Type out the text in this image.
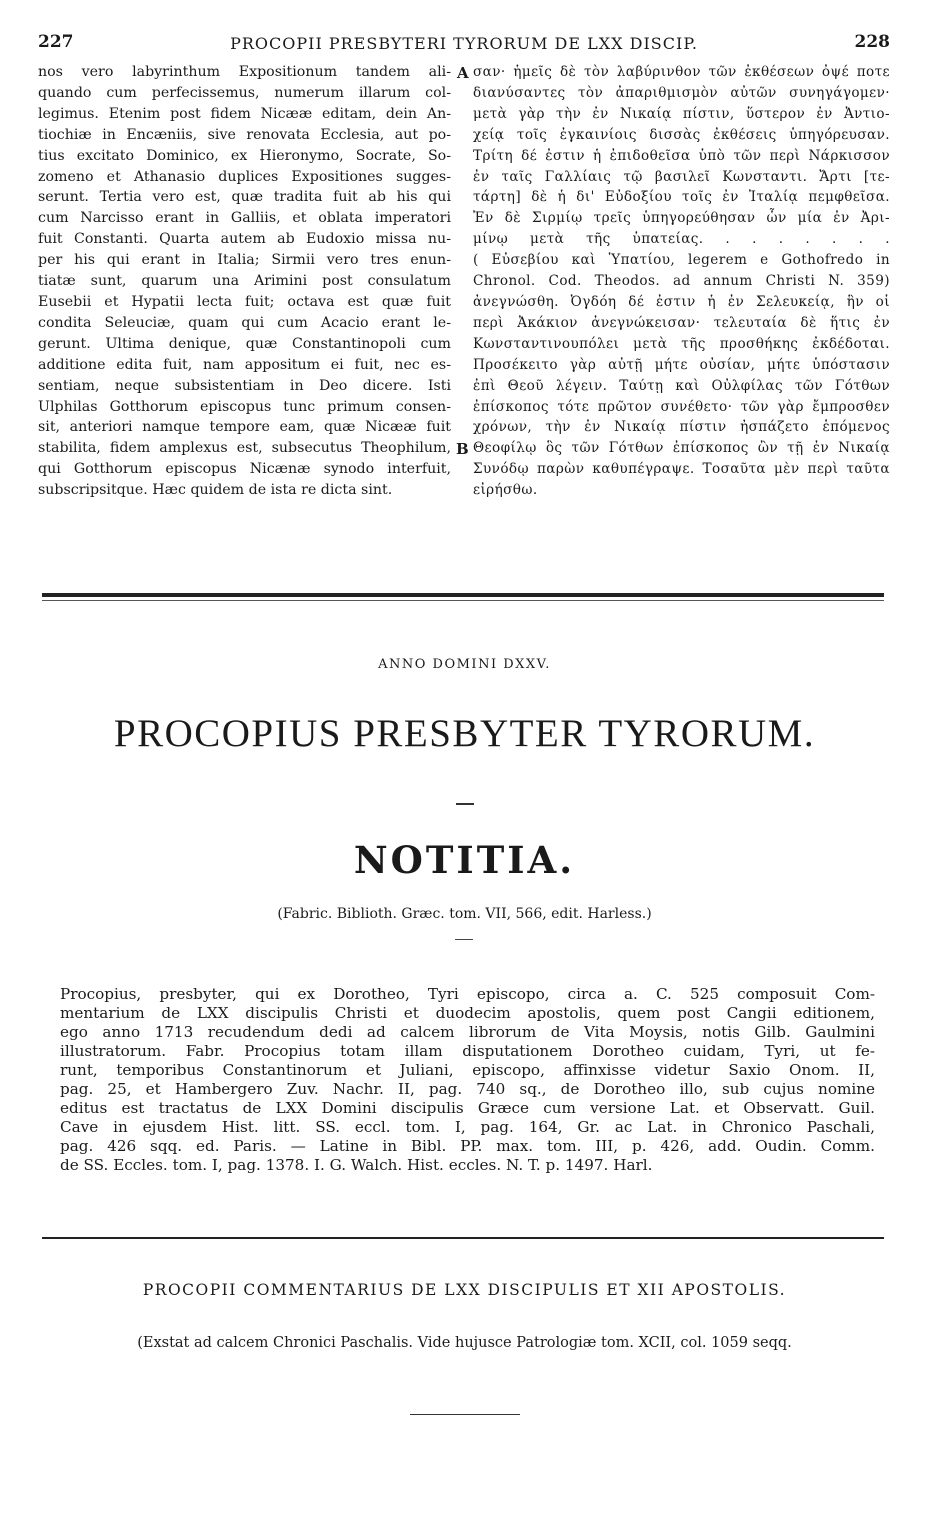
227	PROCOPII PRESBYTERI TYRORUM DE LXX DISCIP.	228
A
B
nos vero labyrinthum Expositionum tandem ali-
quando cum perfecissemus, numerum illarum col-
legimus. Etenim post fidem Nicææ editam, dein An-
tiochiæ in Encæniis, sive renovata Ecclesia, aut po-
tius excitato Dominico, ex Hieronymo, Socrate, So-
zomeno et Athanasio duplices Expositiones sugges-
serunt. Tertia vero est, quæ tradita fuit ab his qui
cum Narcisso erant in Galliis, et oblata imperatori
fuit Constanti. Quarta autem ab Eudoxio missa nu-
per his qui erant in Italia; Sirmii vero tres enun-
tiatæ sunt, quarum una Arimini post consulatum
Eusebii et Hypatii lecta fuit; octava est quæ fuit
condita Seleuciæ, quam qui cum Acacio erant le-
gerunt. Ultima denique, quæ Constantinopoli cum
additione edita fuit, nam appositum ei fuit, nec es-
sentiam, neque subsistentiam in Deo dicere. Isti
Ulphilas Gotthorum episcopus tunc primum consen-
sit, anteriori namque tempore eam, quæ Nicææ fuit
stabilita, fidem amplexus est, subsecutus Theophilum,
qui Gotthorum episcopus Nicænæ synodo interfuit,
subscripsitque. Hæc quidem de ista re dicta sint.
σαν· ἡμεῖς δὲ τὸν λαβύρινθον τῶν ἐκθέσεων ὀψέ ποτε
διανύσαντες τὸν ἀπαριθμισμὸν αὐτῶν συνηγάγομεν·
μετὰ γὰρ τὴν ἐν Νικαίᾳ πίστιν, ὕστερον ἐν Ἀντιο-
χείᾳ τοῖς ἐγκαινίοις δισσὰς ἐκθέσεις ὑπηγόρευσαν.
Τρίτη δέ ἐστιν ἡ ἐπιδοθεῖσα ὑπὸ τῶν περὶ Νάρκισσον
ἐν ταῖς Γαλλίαις τῷ βασιλεῖ Κωνσταντι. Ἄρτι [τε-
τάρτη] δὲ ἡ δι' Εὐδοξίου τοῖς ἐν Ἰταλίᾳ πεμφθεῖσα.
Ἐν δὲ Σιρμίῳ τρεῖς ὑπηγορεύθησαν ὧν μία ἐν Ἀρι-
μίνῳ μετὰ τῆς ὑπατείας. . . . . . . .
( Εὐσεβίου καὶ Ὑπατίου, legerem e Gothofredo in
Chronol. Cod. Theodos. ad annum Christi N. 359)
ἀνεγνώσθη. Ὀγδόη δέ ἐστιν ἡ ἐν Σελευκείᾳ, ἣν οἱ
περὶ Ἀκάκιον ἀνεγνώκεισαν· τελευταία δὲ ἥτις ἐν
Κωνσταντινουπόλει μετὰ τῆς προσθήκης ἐκδέδοται.
Προσέκειτο γὰρ αὐτῇ μήτε οὐσίαν, μήτε ὑπόστασιν
ἐπὶ Θεοῦ λέγειν. Ταύτῃ καὶ Οὐλφίλας τῶν Γότθων
ἐπίσκοπος τότε πρῶτον συνέθετο· τῶν γὰρ ἔμπροσθεν
χρόνων, τὴν ἐν Νικαίᾳ πίστιν ἠσπάζετο ἑπόμενος
Θεοφίλῳ ὃς τῶν Γότθων ἐπίσκοπος ὢν τῇ ἐν Νικαίᾳ
Συνόδῳ παρὼν καθυπέγραψε. Τοσαῦτα μὲν περὶ ταῦτα
εἰρήσθω.
ANNO DOMINI DXXV.
PROCOPIUS PRESBYTER TYRORUM.
NOTITIA.
(Fabric. Biblioth. Græc. tom. VII, 566, edit. Harless.)
Procopius, presbyter, qui ex Dorotheo, Tyri episcopo, circa a. C. 525 composuit Com-
mentarium de LXX discipulis Christi et duodecim apostolis, quem post Cangii editionem,
ego anno 1713 recudendum dedi ad calcem librorum de Vita Moysis, notis Gilb. Gaulmini
illustratorum. Fabr. Procopius totam illam disputationem Dorotheo cuidam, Tyri, ut fe-
runt, temporibus Constantinorum et Juliani, episcopo, affinxisse videtur Saxio Onom. II,
pag. 25, et Hambergero Zuv. Nachr. II, pag. 740 sq., de Dorotheo illo, sub cujus nomine
editus est tractatus de LXX Domini discipulis Græce cum versione Lat. et Observatt. Guil.
Cave in ejusdem Hist. litt. SS. eccl. tom. I, pag. 164, Gr. ac Lat. in Chronico Paschali,
pag. 426 sqq. ed. Paris. — Latine in Bibl. PP. max. tom. III, p. 426, add. Oudin. Comm.
de SS. Eccles. tom. I, pag. 1378. I. G. Walch. Hist. eccles. N. T. p. 1497. Harl.
PROCOPII COMMENTARIUS DE LXX DISCIPULIS ET XII APOSTOLIS.
(Exstat ad calcem Chronici Paschalis. Vide hujusce Patrologiæ tom. XCII, col. 1059 seqq.
